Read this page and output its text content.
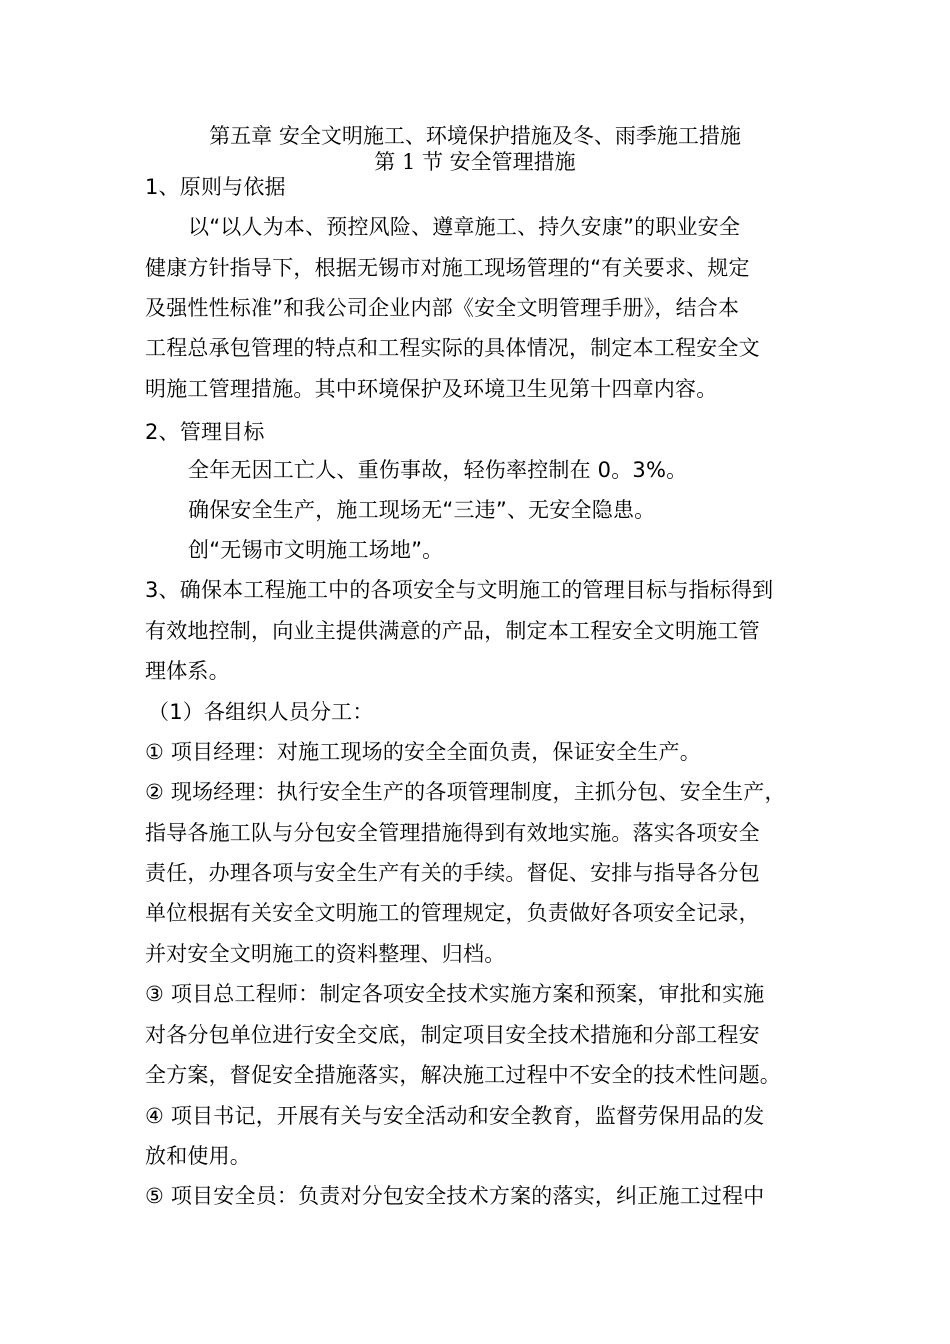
第五章 安全文明施工、环境保护措施及冬、雨季施工措施
第 1 节 安全管理措施
1、原则与依据
以“以人为本、预控风险、遵章施工、持久安康”的职业安全
健康方针指导下，根据无锡市对施工现场管理的“有关要求、规定
及强性性标准”和我公司企业内部《安全文明管理手册》，结合本
工程总承包管理的特点和工程实际的具体情况，制定本工程安全文
明施工管理措施。其中环境保护及环境卫生见第十四章内容。
2、管理目标
全年无因工亡人、重伤事故，轻伤率控制在 0。3%。
确保安全生产，施工现场无“三违”、无安全隐患。
创“无锡市文明施工场地”。
3、确保本工程施工中的各项安全与文明施工的管理目标与指标得到
有效地控制，向业主提供满意的产品，制定本工程安全文明施工管
理体系。
（1）各组织人员分工：
① 项目经理：对施工现场的安全全面负责，保证安全生产。
② 现场经理：执行安全生产的各项管理制度，主抓分包、安全生产，
指导各施工队与分包安全管理措施得到有效地实施。落实各项安全
责任，办理各项与安全生产有关的手续。督促、安排与指导各分包
单位根据有关安全文明施工的管理规定，负责做好各项安全记录，
并对安全文明施工的资料整理、归档。
③ 项目总工程师：制定各项安全技术实施方案和预案，审批和实施
对各分包单位进行安全交底，制定项目安全技术措施和分部工程安
全方案，督促安全措施落实，解决施工过程中不安全的技术性问题。
④ 项目书记，开展有关与安全活动和安全教育，监督劳保用品的发
放和使用。
⑤ 项目安全员：负责对分包安全技术方案的落实，纠正施工过程中
